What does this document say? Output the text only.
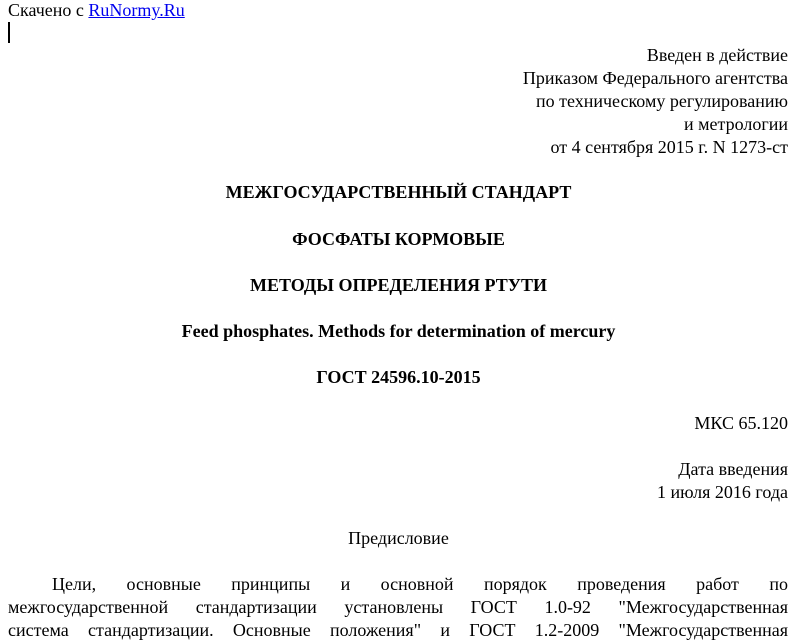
Скачено с RuNormy.Ru
Введен в действие
Приказом Федерального агентства
по техническому регулированию
и метрологии
от 4 сентября 2015 г. N 1273-ст
МЕЖГОСУДАРСТВЕННЫЙ СТАНДАРТ
ФОСФАТЫ КОРМОВЫЕ
МЕТОДЫ ОПРЕДЕЛЕНИЯ РТУТИ
Feed phosphates. Methods for determination of mercury
ГОСТ 24596.10-2015
МКС 65.120
Дата введения
1 июля 2016 года
Предисловие
Цели, основные принципы и основной порядок проведения работ по
межгосударственной стандартизации установлены ГОСТ 1.0-92 "Межгосударственная
система стандартизации. Основные положения" и ГОСТ 1.2-2009 "Межгосударственная
